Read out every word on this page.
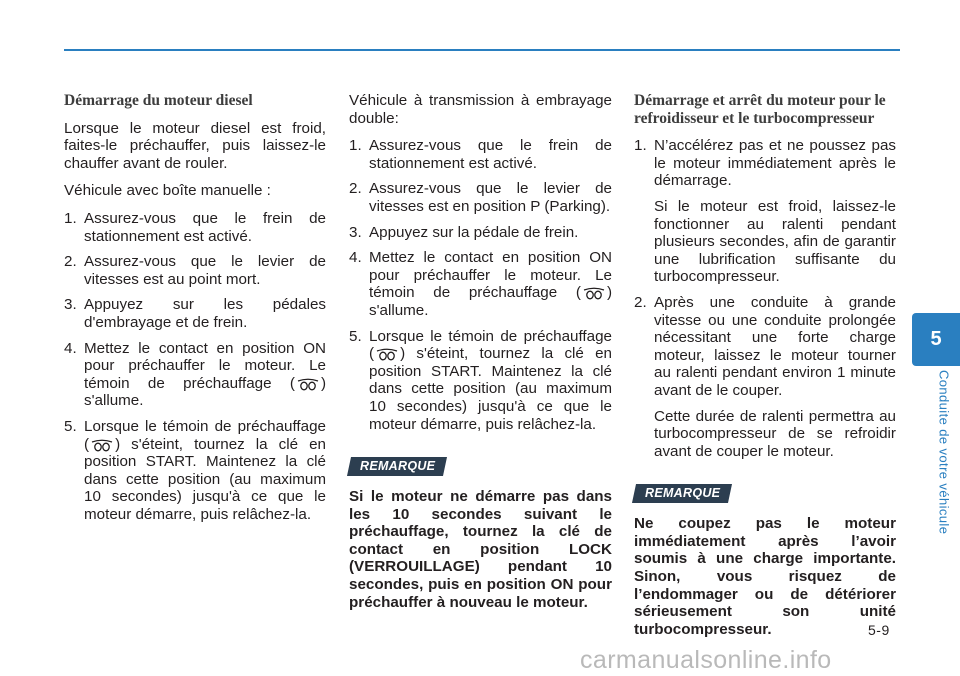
Démarrage du moteur diesel

Lorsque le moteur diesel est froid, faites-le préchauffer, puis laissez-le chauffer avant de rouler.

Véhicule avec boîte manuelle :

1. Assurez-vous que le frein de stationnement est activé.
2. Assurez-vous que le levier de vitesses est au point mort.
3. Appuyez sur les pédales d'embrayage et de frein.
4. Mettez le contact en position ON pour préchauffer le moteur. Le témoin de préchauffage ( ) s'allume.
5. Lorsque le témoin de préchauffage ( ) s'éteint, tournez la clé en position START. Maintenez la clé dans cette position (au maximum 10 secondes) jusqu'à ce que le moteur démarre, puis relâchez-la.

Véhicule à transmission à embrayage double:

1. Assurez-vous que le frein de stationnement est activé.
2. Assurez-vous que le levier de vitesses est en position P (Parking).
3. Appuyez sur la pédale de frein.
4. Mettez le contact en position ON pour préchauffer le moteur. Le témoin de préchauffage ( ) s'allume.
5. Lorsque le témoin de préchauffage ( ) s'éteint, tournez la clé en position START. Maintenez la clé dans cette position (au maximum 10 secondes) jusqu'à ce que le moteur démarre, puis relâchez-la.
REMARQUE

Si le moteur ne démarre pas dans les 10 secondes suivant le préchauffage, tournez la clé de contact en position LOCK (VERROUILLAGE) pendant 10 secondes, puis en position ON pour préchauffer à nouveau le moteur.

Démarrage et arrêt du moteur pour le refroidisseur et le turbocompresseur
1. N’accélérez pas et ne poussez pas le moteur immédiatement après le démarrage.
Si le moteur est froid, laissez-le fonctionner au ralenti pendant plusieurs secondes, afin de garantir une lubrification suffisante du turbocompresseur.
2. Après une conduite à grande vitesse ou une conduite prolongée nécessitant une forte charge moteur, laissez le moteur tourner au ralenti pendant environ 1 minute avant de le couper.
Cette durée de ralenti permettra au turbocompresseur de se refroidir avant de couper le moteur.
REMARQUE

Ne coupez pas le moteur immédiatement après l’avoir soumis à une charge importante. Sinon, vous risquez de l’endommager ou de détériorer sérieusement son unité turbocompresseur.

5
Conduite de votre véhicule
5-9
carmanualsonline.info
